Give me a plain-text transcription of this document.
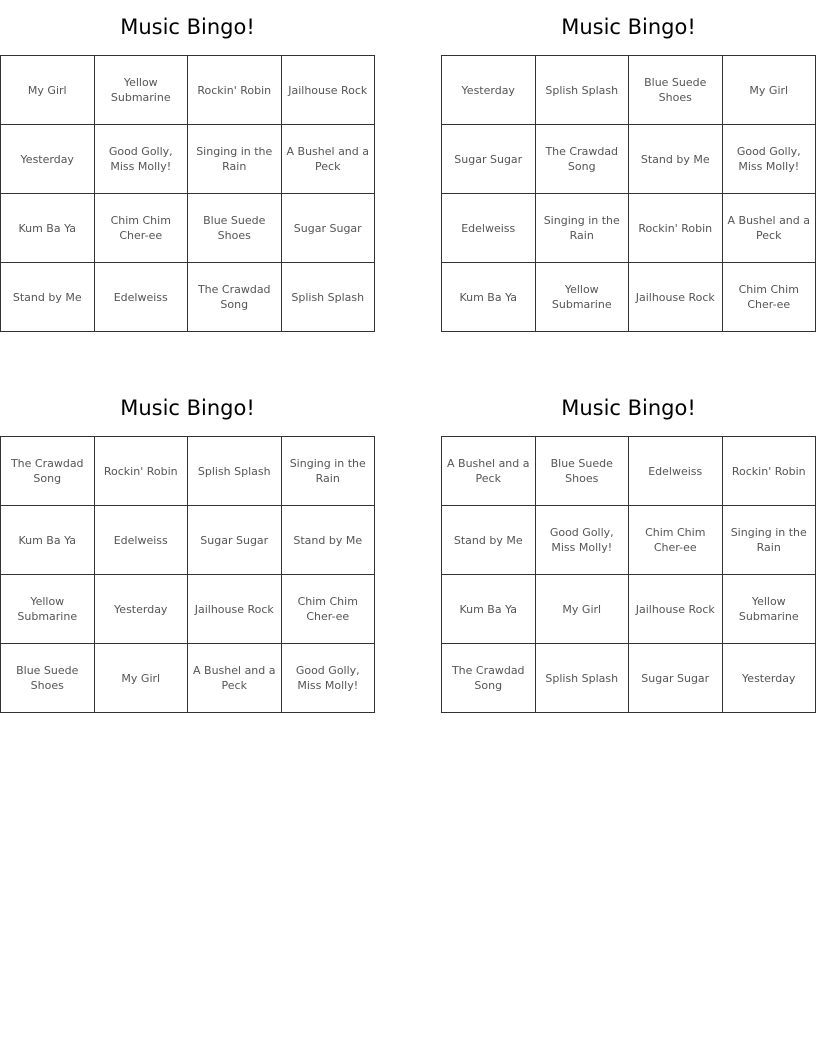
Music Bingo!
My Girl	Yellow Submarine	Rockin' Robin	Jailhouse Rock
Yesterday	Good Golly, Miss Molly!	Singing in the Rain	A Bushel and a Peck
Kum Ba Ya	Chim Chim Cher-ee	Blue Suede Shoes	Sugar Sugar
Stand by Me	Edelweiss	The Crawdad Song	Splish Splash
Music Bingo!
Yesterday	Splish Splash	Blue Suede Shoes	My Girl
Sugar Sugar	The Crawdad Song	Stand by Me	Good Golly, Miss Molly!
Edelweiss	Singing in the Rain	Rockin' Robin	A Bushel and a Peck
Kum Ba Ya	Yellow Submarine	Jailhouse Rock	Chim Chim Cher-ee
Music Bingo!
The Crawdad Song	Rockin' Robin	Splish Splash	Singing in the Rain
Kum Ba Ya	Edelweiss	Sugar Sugar	Stand by Me
Yellow Submarine	Yesterday	Jailhouse Rock	Chim Chim Cher-ee
Blue Suede Shoes	My Girl	A Bushel and a Peck	Good Golly, Miss Molly!
Music Bingo!
A Bushel and a Peck	Blue Suede Shoes	Edelweiss	Rockin' Robin
Stand by Me	Good Golly, Miss Molly!	Chim Chim Cher-ee	Singing in the Rain
Kum Ba Ya	My Girl	Jailhouse Rock	Yellow Submarine
The Crawdad Song	Splish Splash	Sugar Sugar	Yesterday
